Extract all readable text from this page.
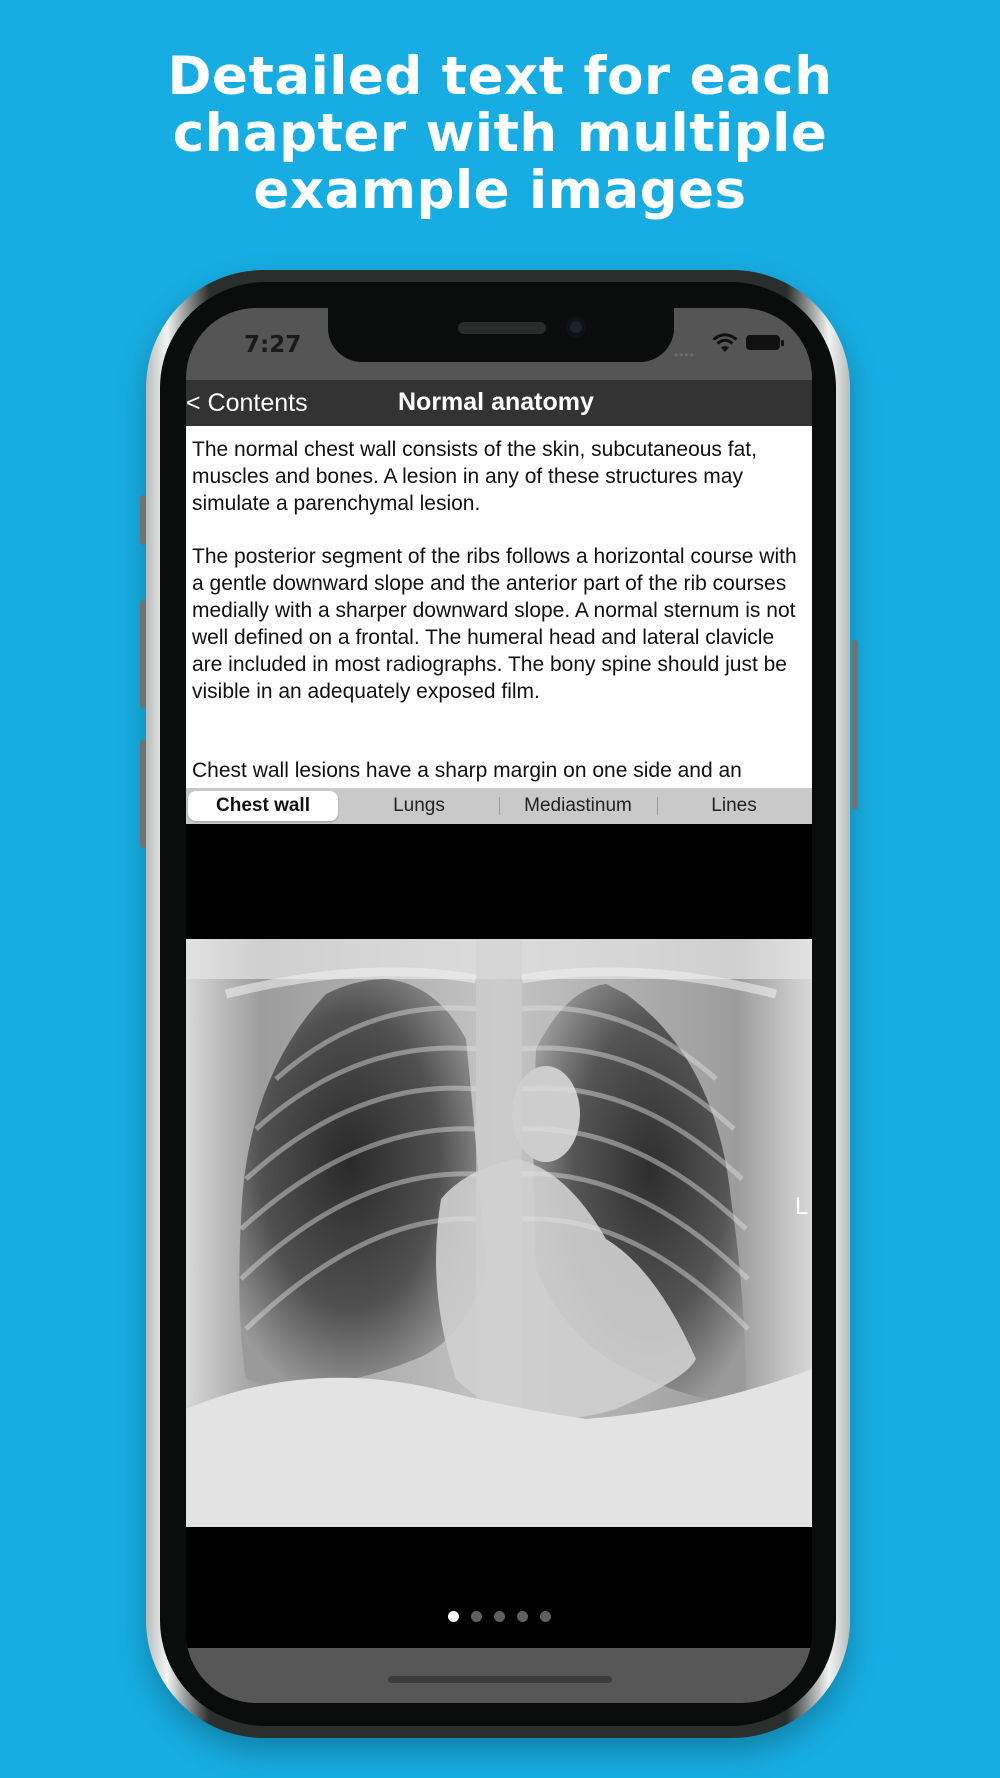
Detailed text for each
chapter with multiple
example images
7:27	••••
< Contents	Normal anatomy

The normal chest wall consists of the skin, subcutaneous fat, muscles and bones. A lesion in any of these structures may simulate a parenchymal lesion.

The posterior segment of the ribs follows a horizontal course with a gentle downward slope and the anterior part of the rib courses medially with a sharper downward slope. A normal sternum is not well defined on a frontal. The humeral head and lateral clavicle are included in most radiographs. The bony spine should just be visible in an adequately exposed film.

Chest wall lesions have a sharp margin on one side and an

Chest wall	Lungs	Mediastinum	Lines
L
